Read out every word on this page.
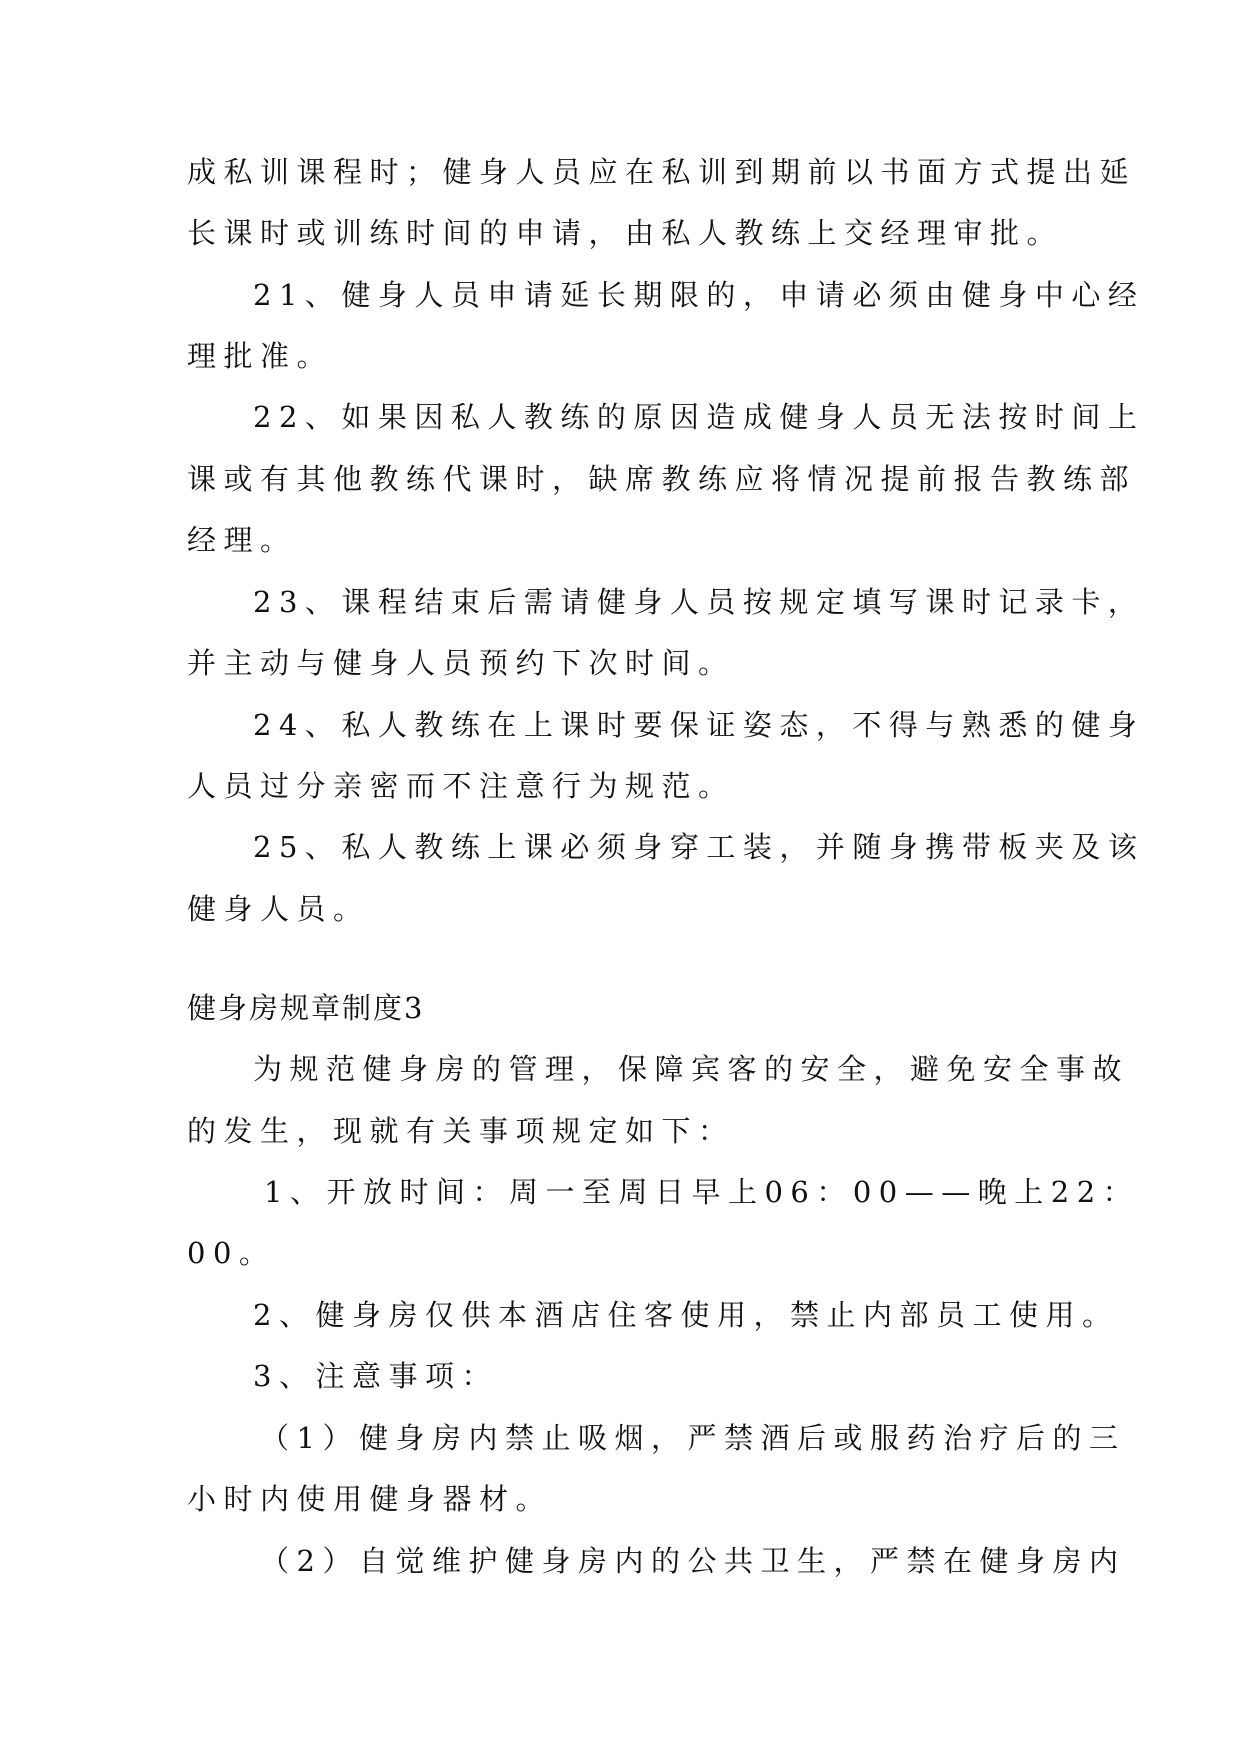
成私训课程时；健身人员应在私训到期前以书面方式提出延
长课时或训练时间的申请，由私人教练上交经理审批。
21、健身人员申请延长期限的，申请必须由健身中心经
理批准。
22、如果因私人教练的原因造成健身人员无法按时间上
课或有其他教练代课时，缺席教练应将情况提前报告教练部
经理。
23、课程结束后需请健身人员按规定填写课时记录卡，
并主动与健身人员预约下次时间。
24、私人教练在上课时要保证姿态，不得与熟悉的健身
人员过分亲密而不注意行为规范。
25、私人教练上课必须身穿工装，并随身携带板夹及该
健身人员。
健身房规章制度3
为规范健身房的管理，保障宾客的安全，避免安全事故
的发生，现就有关事项规定如下：
1、开放时间：周一至周日早上06：00——晚上22：
00。
2、健身房仅供本酒店住客使用，禁止内部员工使用。
3、注意事项：
（1）健身房内禁止吸烟，严禁酒后或服药治疗后的三
小时内使用健身器材。
（2）自觉维护健身房内的公共卫生，严禁在健身房内
